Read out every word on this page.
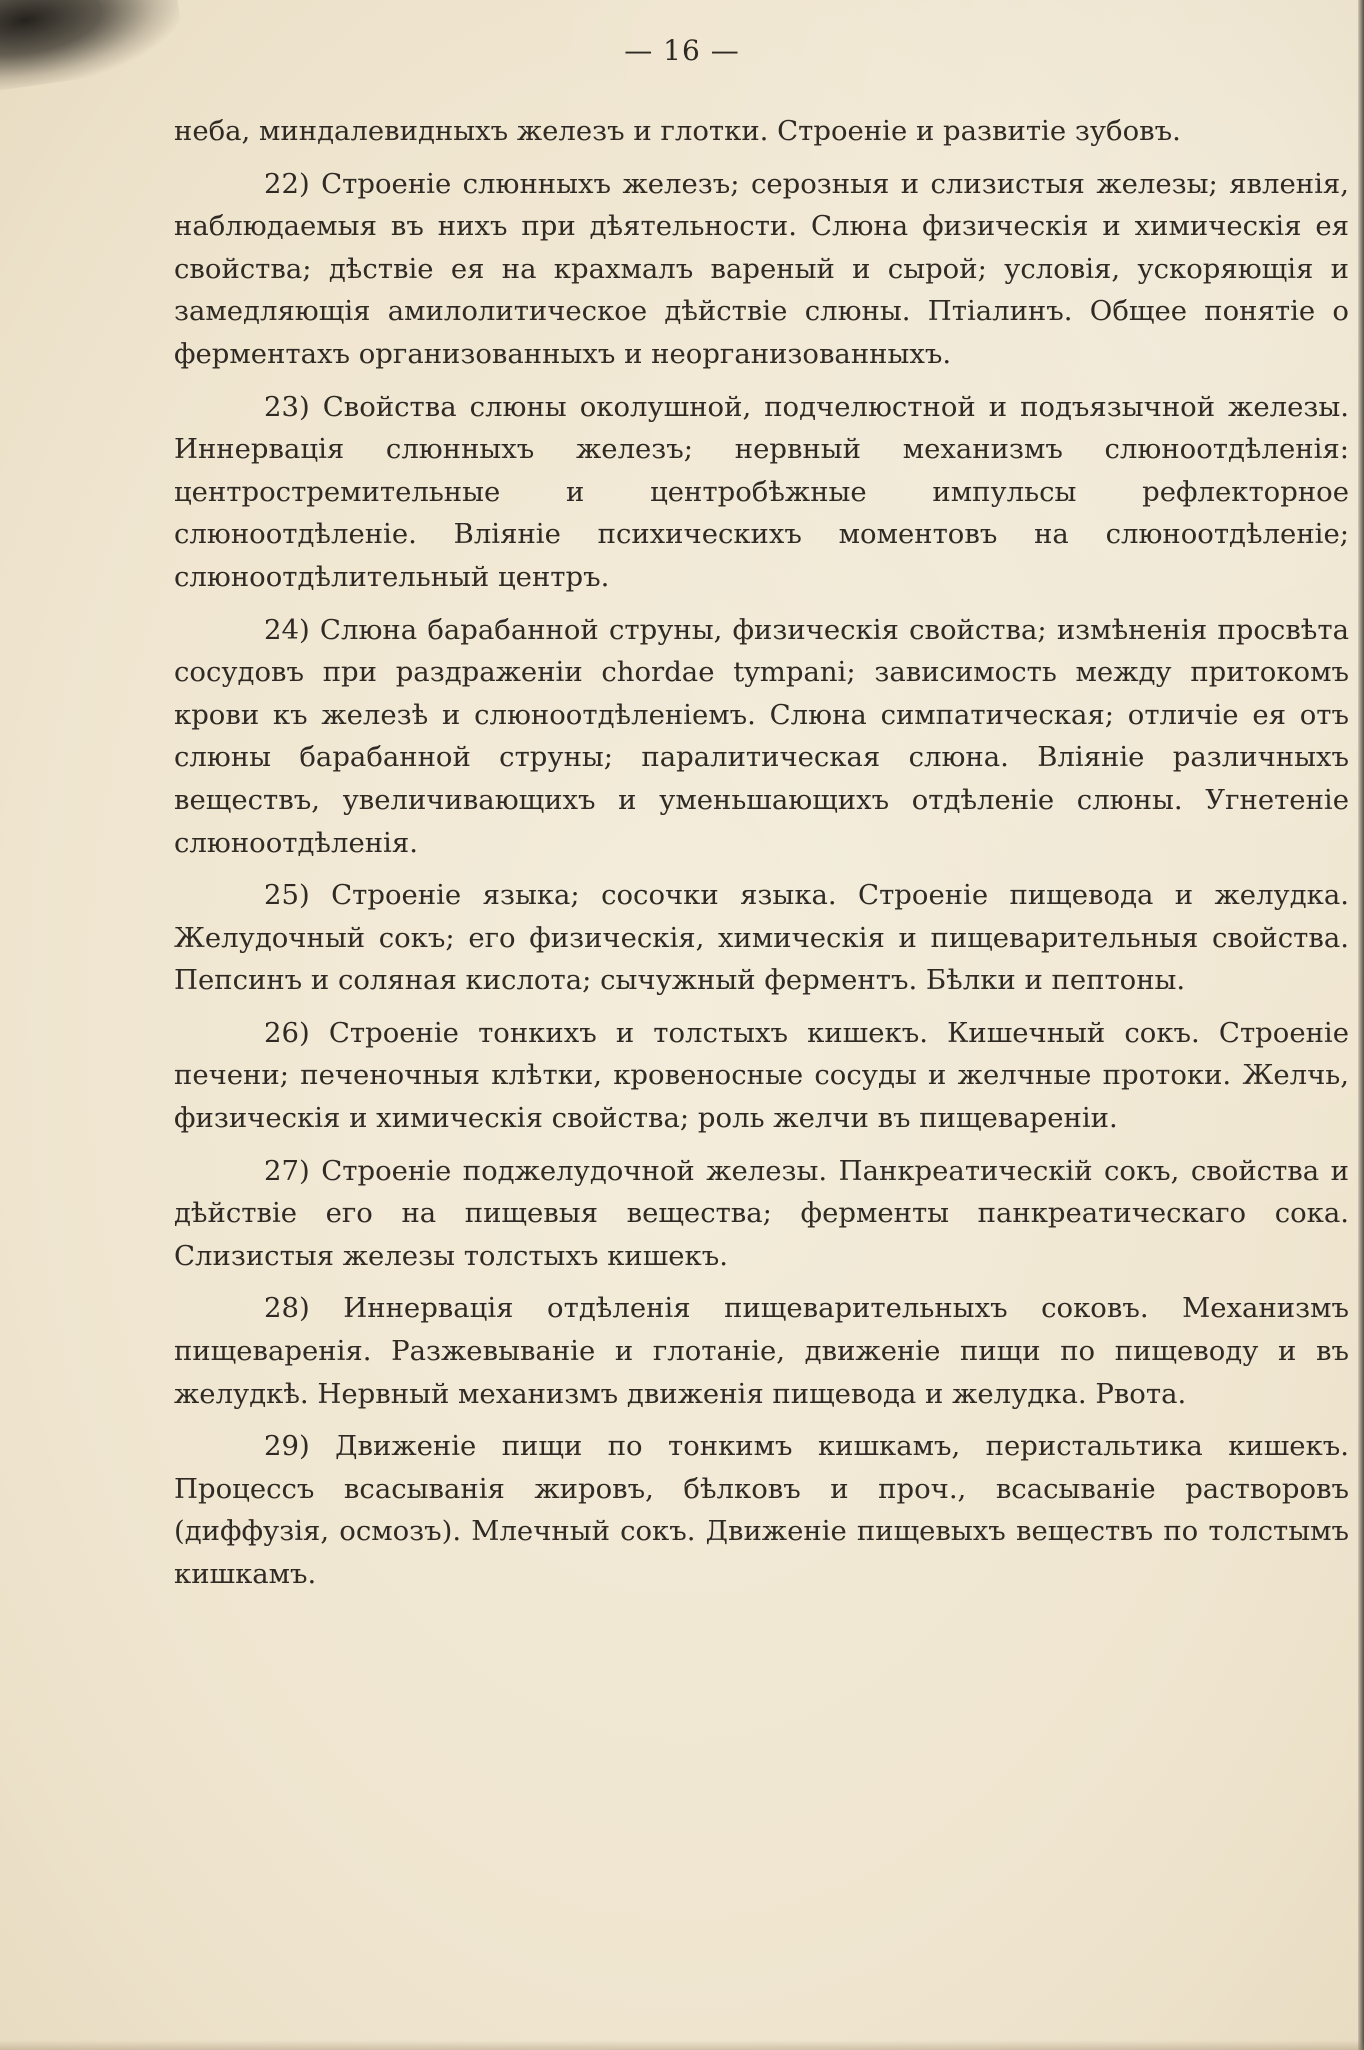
— 16 —

неба, миндалевидныхъ железъ и глотки. Строеніе и развитіе зубовъ.

22) Строеніе слюнныхъ железъ; серозныя и слизистыя железы; явленія, наблюдаемыя въ нихъ при дѣятельности. Слюна физическія и химическія ея свойства; дѣствіе ея на крахмалъ вареный и сырой; условія, ускоряющія и замедляющія амилолитическое дѣйствіе слюны. Птіалинъ. Общее понятіе о ферментахъ организованныхъ и неорганизованныхъ.

23) Свойства слюны околушной, подчелюстной и подъязычной железы. Иннервація слюнныхъ железъ; нервный механизмъ слюноотдѣленія: центростремительные и центробѣжные импульсы рефлекторное слюноотдѣленіе. Вліяніе психическихъ моментовъ на слюноотдѣленіе; слюноотдѣлительный центръ.

24) Слюна барабанной струны, физическія свойства; измѣненія просвѣта сосудовъ при раздраженіи chordae tympani; зависимость между притокомъ крови къ железѣ и слюноотдѣленіемъ. Слюна симпатическая; отличіе ея отъ слюны барабанной струны; паралитическая слюна. Вліяніе различныхъ веществъ, увеличивающихъ и уменьшающихъ отдѣленіе слюны. Угнетеніе слюноотдѣленія.

25) Строеніе языка; сосочки языка. Строеніе пищевода и желудка. Желудочный сокъ; его физическія, химическія и пищеварительныя свойства. Пепсинъ и соляная кислота; сычужный ферментъ. Бѣлки и пептоны.

26) Строеніе тонкихъ и толстыхъ кишекъ. Кишечный сокъ. Строеніе печени; печеночныя клѣтки, кровеносные сосуды и желчные протоки. Желчь, физическія и химическія свойства; роль желчи въ пищевареніи.

27) Строеніе поджелудочной железы. Панкреатическій сокъ, свойства и дѣйствіе его на пищевыя вещества; ферменты панкреатическаго сока. Слизистыя железы толстыхъ кишекъ.

28) Иннервація отдѣленія пищеварительныхъ соковъ. Механизмъ пищеваренія. Разжевываніе и глотаніе, движеніе пищи по пищеводу и въ желудкѣ. Нервный механизмъ движенія пищевода и желудка. Рвота.

29) Движеніе пищи по тонкимъ кишкамъ, перистальтика кишекъ. Процессъ всасыванія жировъ, бѣлковъ и проч., всасываніе растворовъ (диффузія, осмозъ). Млечный сокъ. Движеніе пищевыхъ веществъ по толстымъ кишкамъ.
